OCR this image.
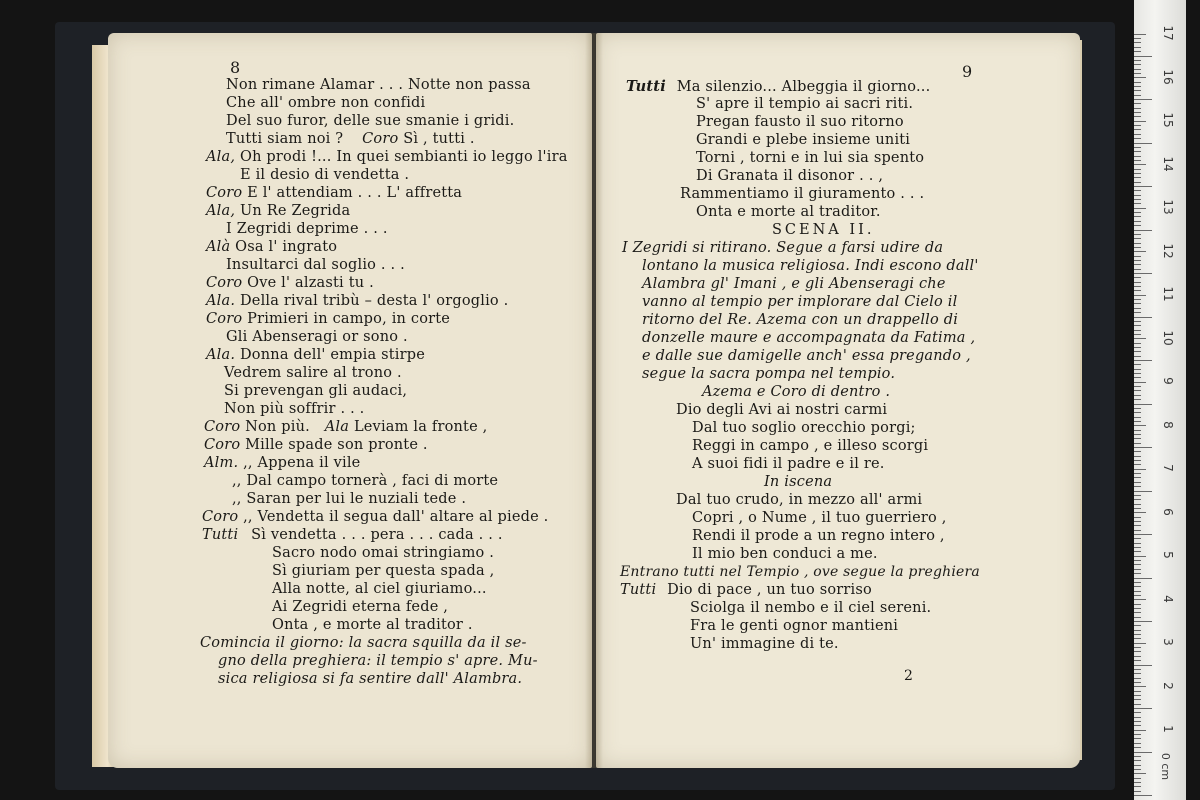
8
Non rimane Alamar . . . Notte non passa
Che all' ombre non confidi
Del suo furor, delle sue smanie i gridi.
Tutti siam noi ? Coro Sì , tutti .
Ala, Oh prodi !... In quei sembianti io leggo l'ira
E il desio di vendetta .
Coro E l' attendiam . . . L' affretta
Ala, Un Re Zegrida
I Zegridi deprime . . .
Alà Osa l' ingrato
Insultarci dal soglio . . .
Coro Ove l' alzasti tu .
Ala. Della rival tribù – desta l' orgoglio .
Coro Primieri in campo, in corte
Gli Abenseragi or sono .
Ala. Donna dell' empia stirpe
Vedrem salire al trono .
Si prevengan gli audaci,
Non più soffrir . . .
Coro Non più. Ala Leviam la fronte ,
Coro Mille spade son pronte .
Alm. ,, Appena il vile
,, Dal campo tornerà , faci di morte
,, Saran per lui le nuziali tede .
Coro ,, Vendetta il segua dall' altare al piede .
Tutti Sì vendetta . . . pera . . . cada . . .
Sacro nodo omai stringiamo .
Sì giuriam per questa spada ,
Alla notte, al ciel giuriamo...
Ai Zegridi eterna fede ,
Onta , e morte al traditor .
Comincia il giorno: la sacra squilla da il se-
gno della preghiera: il tempio s' apre. Mu-
sica religiosa si fa sentire dall' Alambra.
9
Tutti Ma silenzio... Albeggia il giorno...
S' apre il tempio ai sacri riti.
Pregan fausto il suo ritorno
Grandi e plebe insieme uniti
Torni , torni e in lui sia spento
Di Granata il disonor . . ,
Rammentiamo il giuramento . . .
Onta e morte al traditor.
SCENA II.
I Zegridi si ritirano. Segue a farsi udire da
lontano la musica religiosa. Indi escono dall'
Alambra gl' Imani , e gli Abenseragi che
vanno al tempio per implorare dal Cielo il
ritorno del Re. Azema con un drappello di
donzelle maure e accompagnata da Fatima ,
e dalle sue damigelle anch' essa pregando ,
segue la sacra pompa nel tempio.
Azema e Coro di dentro .
Dio degli Avi ai nostri carmi
Dal tuo soglio orecchio porgi;
Reggi in campo , e illeso scorgi
A suoi fidi il padre e il re.
In iscena
Dal tuo crudo, in mezzo all' armi
Copri , o Nume , il tuo guerriero ,
Rendi il prode a un regno intero ,
Il mio ben conduci a me.
Entrano tutti nel Tempio , ove segue la preghiera
Tutti Dio di pace , un tuo sorriso
Sciolga il nembo e il ciel sereni.
Fra le genti ognor mantieni
Un' immagine di te.
2
17
16
15
14
13
12
11
10
9
8
7
6
5
4
3
2
1
0 cm
